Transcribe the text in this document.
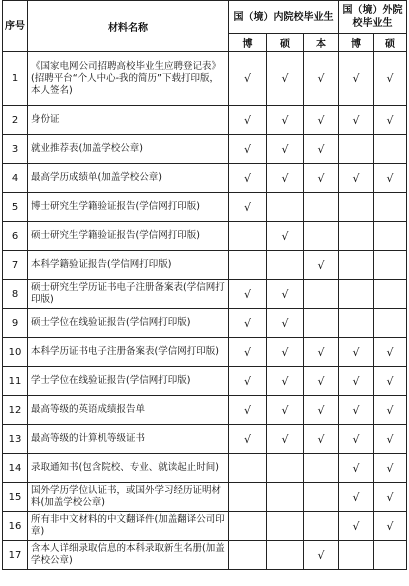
序号	材料名称	国（境）内院校毕业生			国（境）外院校毕业生	
		博	硕	本	博	硕
1	《国家电网公司招聘高校毕业生应聘登记表》(招聘平台“个人中心-我的简历”下载打印版，本人签名)	√	√	√	√	√
2	身份证	√	√	√	√	√
3	就业推荐表(加盖学校公章)	√	√	√		
4	最高学历成绩单(加盖学校公章)	√	√	√	√	√
5	博士研究生学籍验证报告(学信网打印版)	√				
6	硕士研究生学籍验证报告(学信网打印版)		√			
7	本科学籍验证报告(学信网打印版)			√		
8	硕士研究生学历证书电子注册备案表(学信网打印版)	√	√			
9	硕士学位在线验证报告(学信网打印版)	√	√			
10	本科学历证书电子注册备案表(学信网打印版)	√	√	√	√	√
11	学士学位在线验证报告(学信网打印版)	√	√	√	√	√
12	最高等级的英语成绩报告单	√	√	√	√	√
13	最高等级的计算机等级证书	√	√	√	√	√
14	录取通知书(包含院校、专业、就读起止时间)				√	√
15	国外学历学位认证书，或国外学习经历证明材料(加盖学校公章)				√	√
16	所有非中文材料的中文翻译件(加盖翻译公司印章)				√	√
17	含本人详细录取信息的本科录取新生名册(加盖学校公章)			√		
